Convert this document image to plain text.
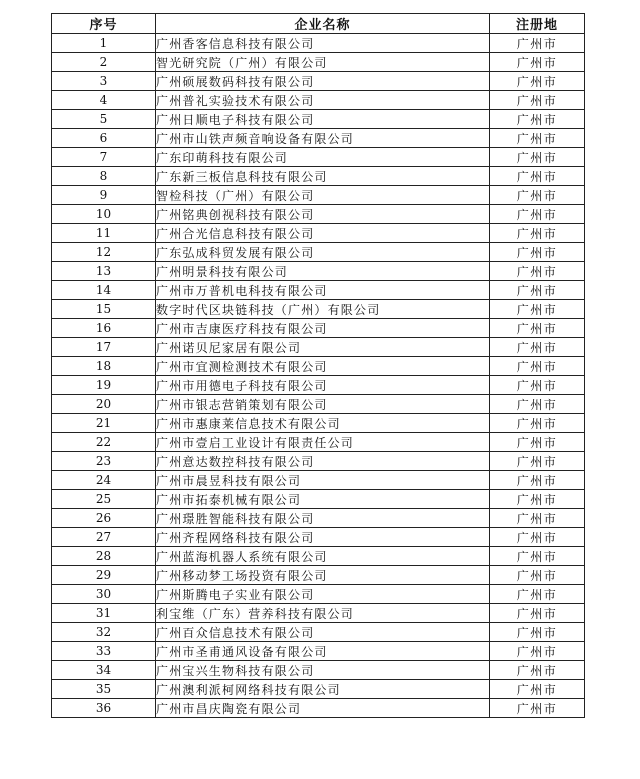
序号	企业名称	注册地
1	广州香客信息科技有限公司	广州市
2	智光研究院（广州）有限公司	广州市
3	广州硕展数码科技有限公司	广州市
4	广州普礼实验技术有限公司	广州市
5	广州日顺电子科技有限公司	广州市
6	广州市山铁声频音响设备有限公司	广州市
7	广东印萌科技有限公司	广州市
8	广东新三板信息科技有限公司	广州市
9	智检科技（广州）有限公司	广州市
10	广州铭典创视科技有限公司	广州市
11	广州合光信息科技有限公司	广州市
12	广东弘成科贸发展有限公司	广州市
13	广州明景科技有限公司	广州市
14	广州市万普机电科技有限公司	广州市
15	数字时代区块链科技（广州）有限公司	广州市
16	广州市吉康医疗科技有限公司	广州市
17	广州诺贝尼家居有限公司	广州市
18	广州市宜测检测技术有限公司	广州市
19	广州市用德电子科技有限公司	广州市
20	广州市银志营销策划有限公司	广州市
21	广州市惠康莱信息技术有限公司	广州市
22	广州市壹启工业设计有限责任公司	广州市
23	广州意达数控科技有限公司	广州市
24	广州市晨昱科技有限公司	广州市
25	广州市拓泰机械有限公司	广州市
26	广州璟胜智能科技有限公司	广州市
27	广州齐程网络科技有限公司	广州市
28	广州蓝海机器人系统有限公司	广州市
29	广州移动梦工场投资有限公司	广州市
30	广州斯腾电子实业有限公司	广州市
31	利宝维（广东）营养科技有限公司	广州市
32	广州百众信息技术有限公司	广州市
33	广州市圣甫通风设备有限公司	广州市
34	广州宝兴生物科技有限公司	广州市
35	广州澳利派柯网络科技有限公司	广州市
36	广州市昌庆陶瓷有限公司	广州市
